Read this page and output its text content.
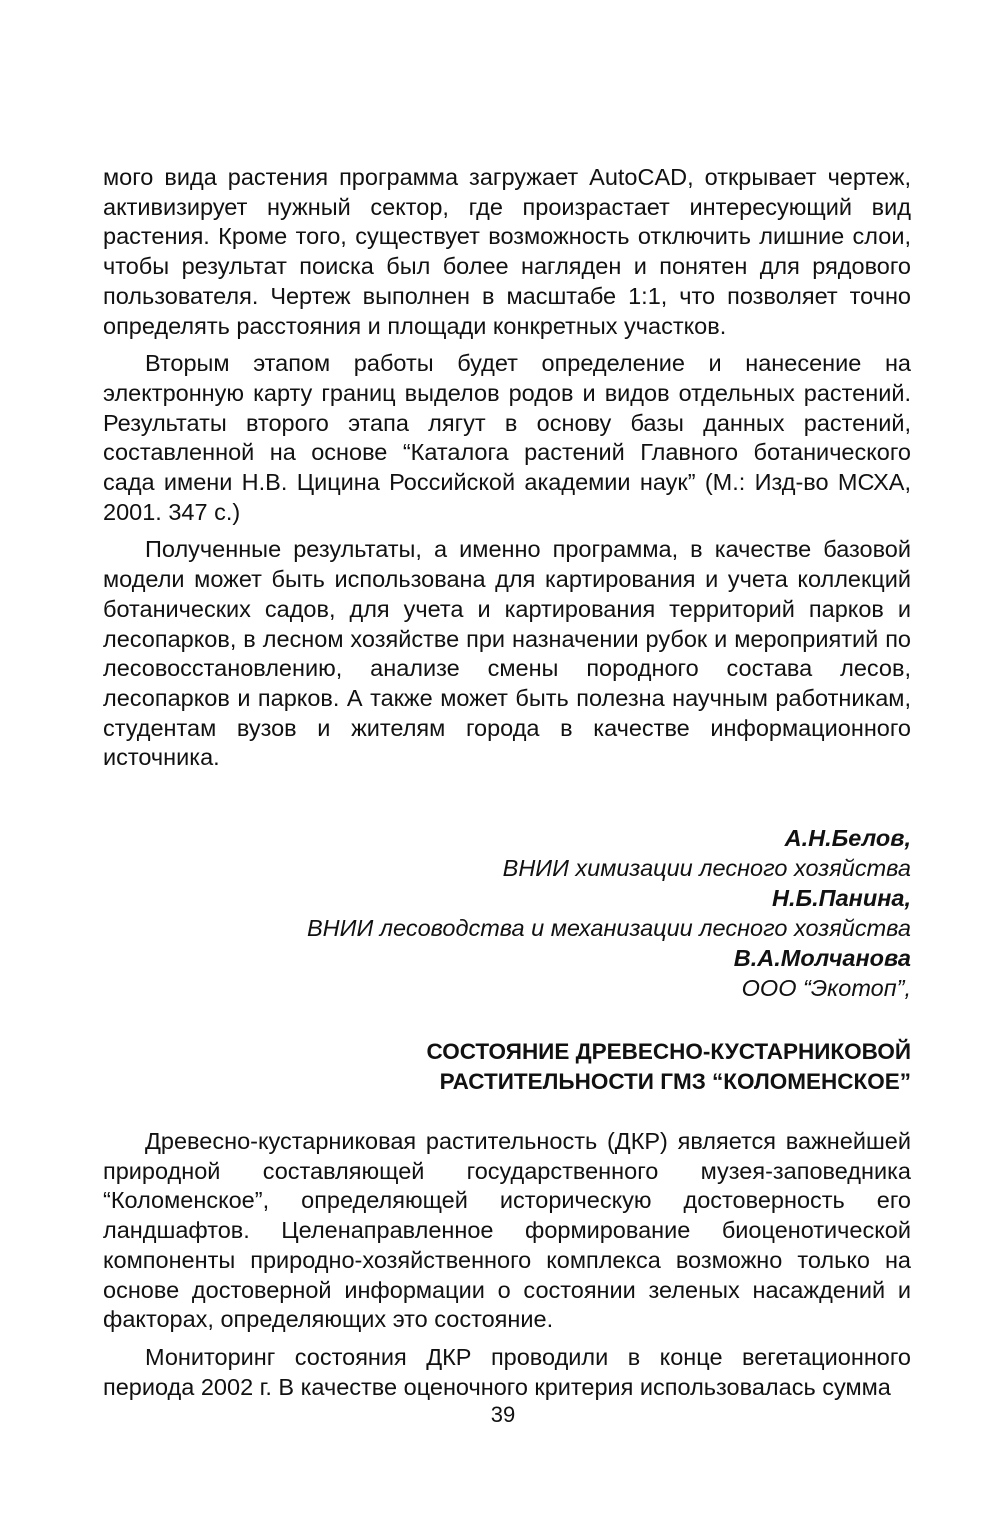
мого вида растения программа загружает AutoCAD, открывает чертеж, активизирует нужный сектор, где произрастает интересующий вид растения. Кроме того, существует возможность отключить лишние слои, чтобы результат поиска был более нагляден и понятен для рядового пользователя. Чертеж выполнен в масштабе 1:1, что позволяет точно определять расстояния и площади конкретных участков.

Вторым этапом работы будет определение и нанесение на электронную карту границ выделов родов и видов отдельных растений. Результаты второго этапа лягут в основу базы данных растений, составленной на основе “Каталога растений Главного ботанического сада имени Н.В. Цицина Российской академии наук” (М.: Изд-во МСХА, 2001. 347 с.)

Полученные результаты, а именно программа, в качестве базовой модели может быть использована для картирования и учета коллекций ботанических садов, для учета и картирования территорий парков и лесопарков, в лесном хозяйстве при назначении рубок и мероприятий по лесовосстановлению, анализе смены породного состава лесов, лесопарков и парков. А также может быть полезна научным работникам, студентам вузов и жителям города в качестве информационного источника.

А.Н.Белов,
ВНИИ химизации лесного хозяйства
Н.Б.Панина,
ВНИИ лесоводства и механизации лесного хозяйства
В.А.Молчанова
ООО “Экотоп”,
СОСТОЯНИЕ ДРЕВЕСНО-КУСТАРНИКОВОЙ
РАСТИТЕЛЬНОСТИ ГМЗ “КОЛОМЕНСКОЕ”

Древесно-кустарниковая растительность (ДКР) является важнейшей природной составляющей государственного музея-заповедника “Коломенское”, определяющей историческую достоверность его ландшафтов. Целенаправленное формирование биоценотической компоненты природно-хозяйственного комплекса возможно только на основе достоверной информации о состоянии зеленых насаждений и факторах, определяющих это состояние.

Мониторинг состояния ДКР проводили в конце вегетационного периода 2002 г. В качестве оценочного критерия использовалась сумма

39
